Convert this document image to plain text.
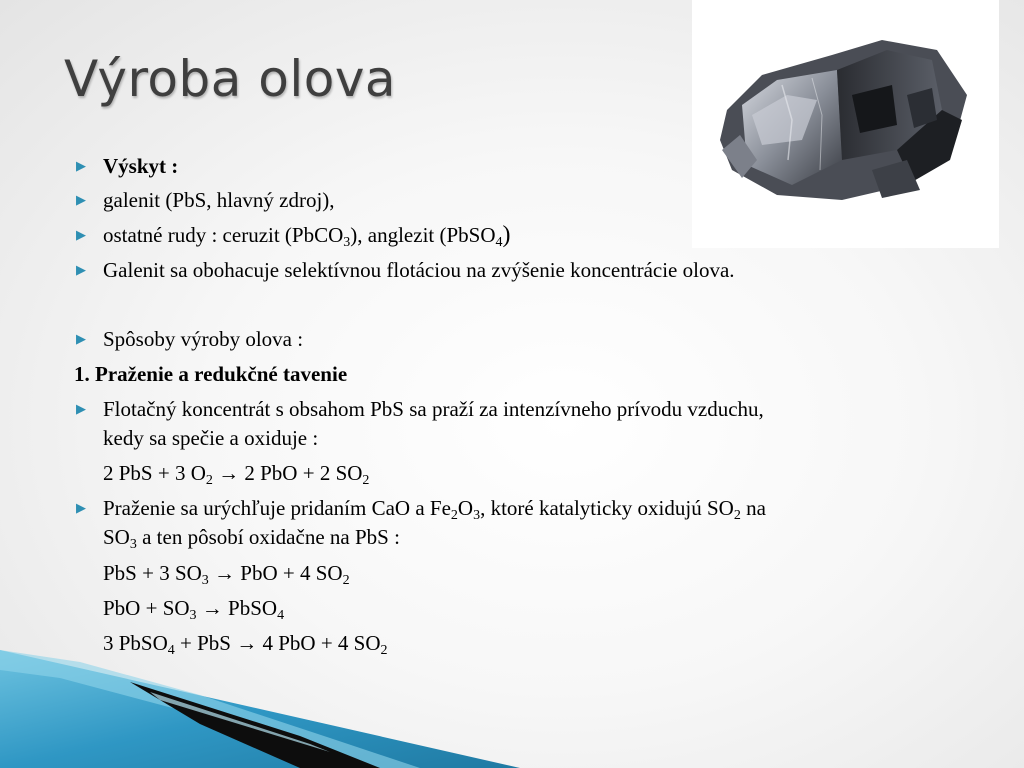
Výroba olova
▶ Výskyt :
▶ galenit (PbS, hlavný zdroj),
▶ ostatné rudy : ceruzit (PbCO$_3$), anglezit (PbSO$_4$)
▶ Galenit sa obohacuje selektívnou flotáciou na zvýšenie koncentrácie olova.
▶ Spôsoby výroby olova :
1. Praženie a redukčné tavenie
▶ Flotačný koncentrát s obsahom PbS sa praží za intenzívneho prívodu vzduchu,
kedy sa spečie a oxiduje :
2 PbS + 3 $O_2 \to 2$ PbO + 2 $SO_2$
▶ Praženie sa urýchľuje pridaním CaO a $Fe_2O_3$, ktoré katalyticky oxidujú $SO_2$ na
$SO_3$ a ten pôsobí oxidačne na PbS :
PbS + 3 $SO_3$ → PbO + 4 $SO_2$
PbO + $SO_3$ → PbSO$_4$
3 PbSO$_4$ + PbS → 4 PbO + 4 $SO_2$
